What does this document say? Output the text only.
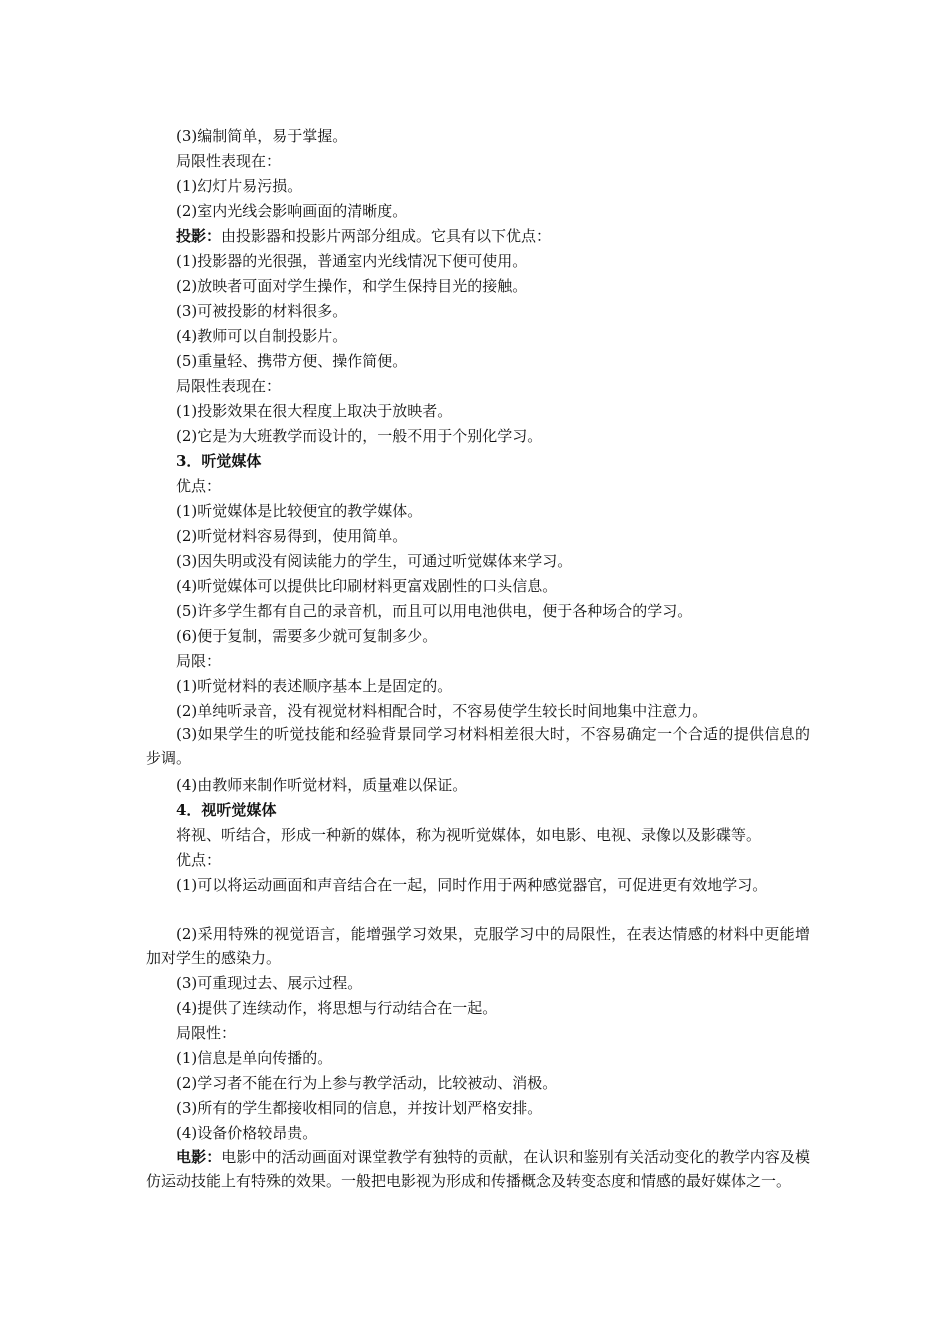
(3)编制简单，易于掌握。
局限性表现在：
(1)幻灯片易污损。
(2)室内光线会影响画面的清晰度。
投影：由投影器和投影片两部分组成。它具有以下优点：
(1)投影器的光很强，普通室内光线情况下便可使用。
(2)放映者可面对学生操作，和学生保持目光的接触。
(3)可被投影的材料很多。
(4)教师可以自制投影片。
(5)重量轻、携带方便、操作简便。
局限性表现在：
(1)投影效果在很大程度上取决于放映者。
(2)它是为大班教学而设计的，一般不用于个别化学习。
3．听觉媒体
优点：
(1)听觉媒体是比较便宜的教学媒体。
(2)听觉材料容易得到，使用简单。
(3)因失明或没有阅读能力的学生，可通过听觉媒体来学习。
(4)听觉媒体可以提供比印刷材料更富戏剧性的口头信息。
(5)许多学生都有自己的录音机，而且可以用电池供电，便于各种场合的学习。
(6)便于复制，需要多少就可复制多少。
局限：
(1)听觉材料的表述顺序基本上是固定的。
(2)单纯听录音，没有视觉材料相配合时，不容易使学生较长时间地集中注意力。
(3)如果学生的听觉技能和经验背景同学习材料相差很大时，不容易确定一个合适的提供信息的步调。
(4)由教师来制作听觉材料，质量难以保证。
4．视听觉媒体
将视、听结合，形成一种新的媒体，称为视听觉媒体，如电影、电视、录像以及影碟等。
优点：
(1)可以将运动画面和声音结合在一起，同时作用于两种感觉器官，可促进更有效地学习。
(2)采用特殊的视觉语言，能增强学习效果，克服学习中的局限性，在表达情感的材料中更能增加对学生的感染力。
(3)可重现过去、展示过程。
(4)提供了连续动作，将思想与行动结合在一起。
局限性：
(1)信息是单向传播的。
(2)学习者不能在行为上参与教学活动，比较被动、消极。
(3)所有的学生都接收相同的信息，并按计划严格安排。
(4)设备价格较昂贵。
电影：电影中的活动画面对课堂教学有独特的贡献，在认识和鉴别有关活动变化的教学内容及模仿运动技能上有特殊的效果。一般把电影视为形成和传播概念及转变态度和情感的最好媒体之一。
